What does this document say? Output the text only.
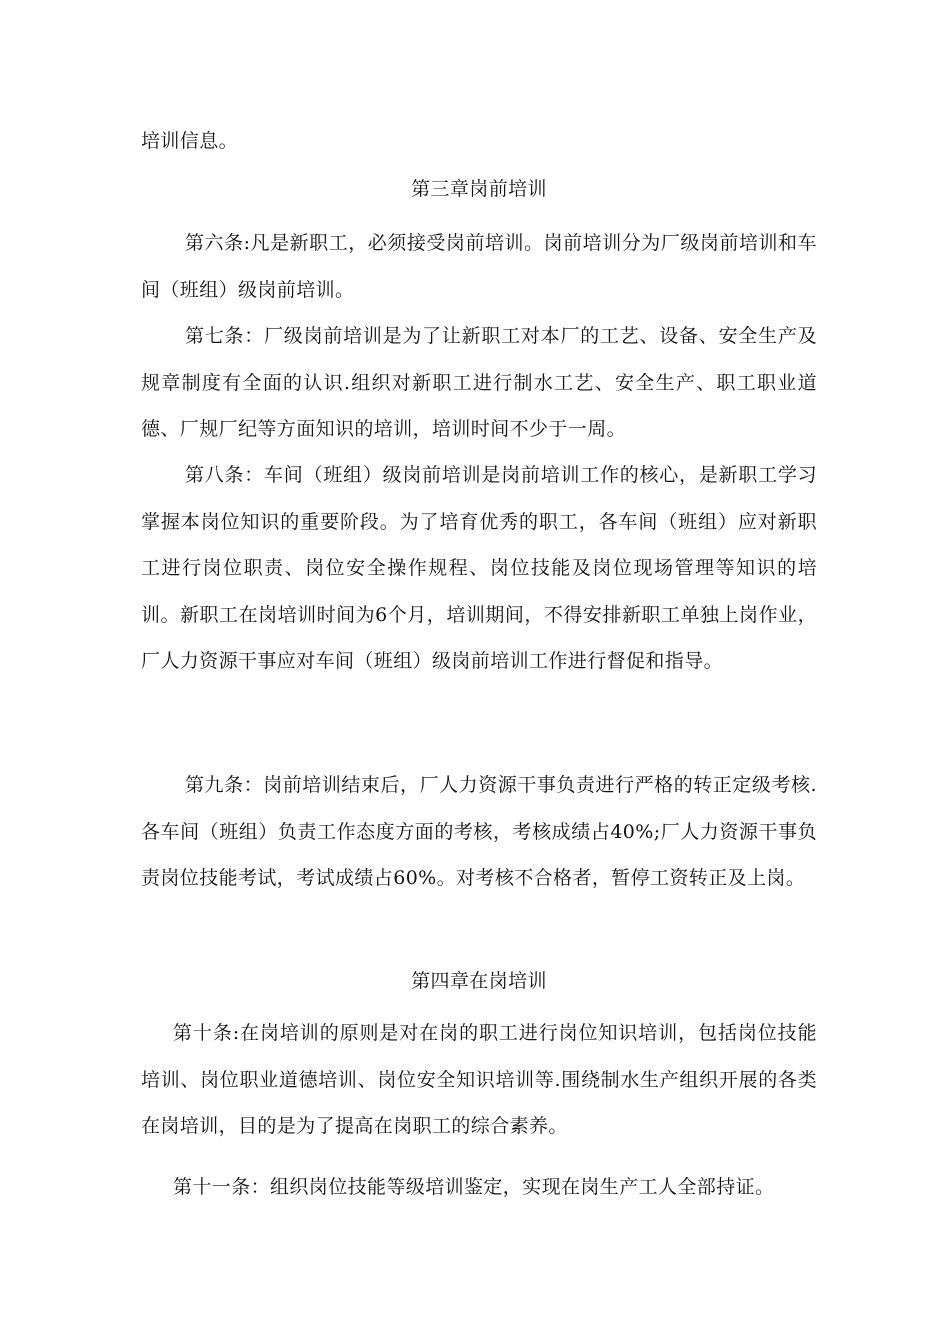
培训信息。

第三章岗前培训

第六条:凡是新职工，必须接受岗前培训。岗前培训分为厂级岗前培训和车间（班组）级岗前培训。

第七条：厂级岗前培训是为了让新职工对本厂的工艺、设备、安全生产及规章制度有全面的认识.组织对新职工进行制水工艺、安全生产、职工职业道德、厂规厂纪等方面知识的培训，培训时间不少于一周。

第八条：车间（班组）级岗前培训是岗前培训工作的核心，是新职工学习掌握本岗位知识的重要阶段。为了培育优秀的职工，各车间（班组）应对新职工进行岗位职责、岗位安全操作规程、岗位技能及岗位现场管理等知识的培训。新职工在岗培训时间为6个月，培训期间，不得安排新职工单独上岗作业，厂人力资源干事应对车间（班组）级岗前培训工作进行督促和指导。

第九条：岗前培训结束后，厂人力资源干事负责进行严格的转正定级考核.各车间（班组）负责工作态度方面的考核，考核成绩占40%;厂人力资源干事负责岗位技能考试，考试成绩占60%。对考核不合格者，暂停工资转正及上岗。

第四章在岗培训

第十条:在岗培训的原则是对在岗的职工进行岗位知识培训，包括岗位技能培训、岗位职业道德培训、岗位安全知识培训等.围绕制水生产组织开展的各类在岗培训，目的是为了提高在岗职工的综合素养。

第十一条：组织岗位技能等级培训鉴定，实现在岗生产工人全部持证。
